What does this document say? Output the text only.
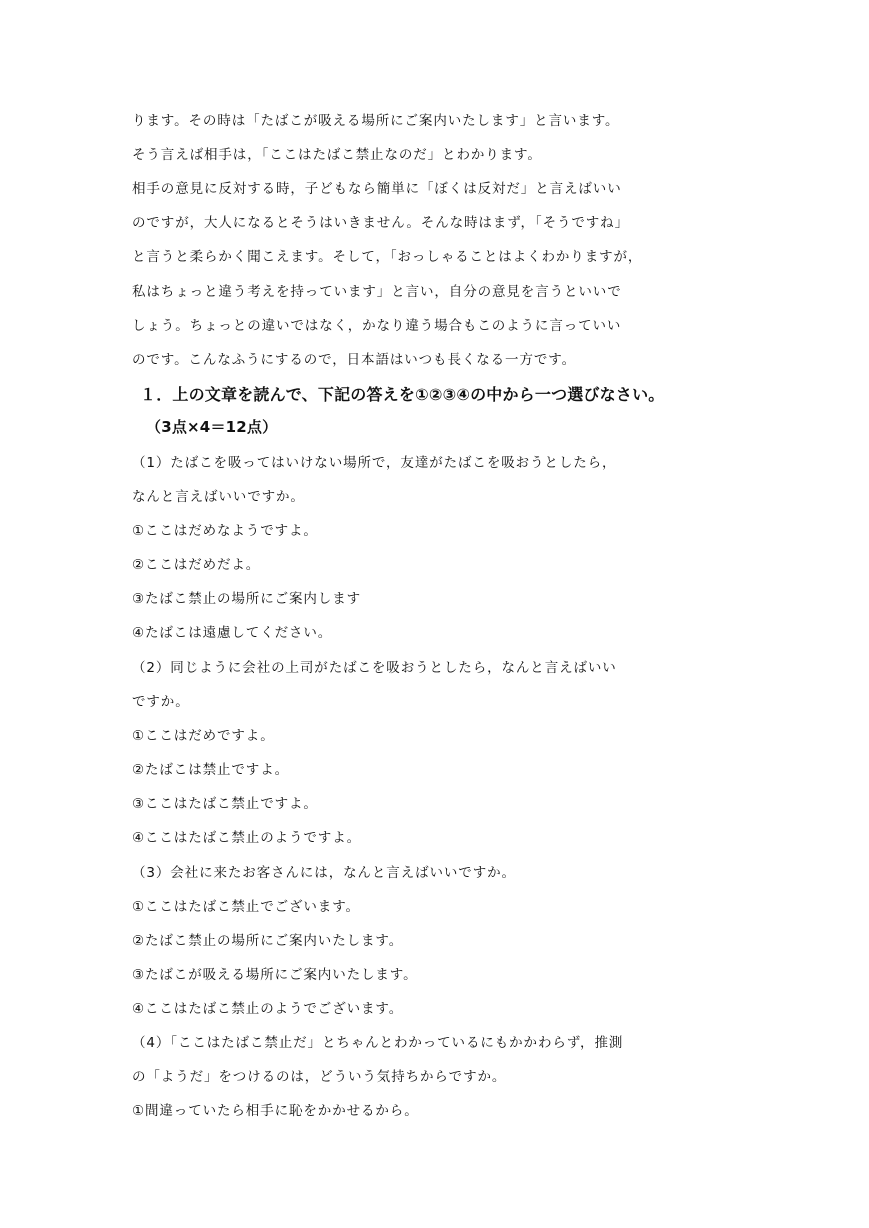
ります。その時は「たばこが吸える場所にご案内いたします」と言います。
そう言えば相手は，「ここはたばこ禁止なのだ」とわかります。
相手の意見に反対する時，子どもなら簡単に「ぼくは反対だ」と言えばいい
のですが，大人になるとそうはいきません。そんな時はまず，「そうですね」
と言うと柔らかく聞こえます。そして，「おっしゃることはよくわかりますが，
私はちょっと違う考えを持っています」と言い，自分の意見を言うといいで
しょう。ちょっとの違いではなく，かなり違う場合もこのように言っていい
のです。こんなふうにするので，日本語はいつも長くなる一方です。
１．上の文章を読んで、下記の答えを①②③④の中から一つ選びなさい。
（3点×4＝12点）
（1）たばこを吸ってはいけない場所で，友達がたばこを吸おうとしたら，
なんと言えばいいですか。
①ここはだめなようですよ。
②ここはだめだよ。
③たばこ禁止の場所にご案内します
④たばこは遠慮してください。
（2）同じように会社の上司がたばこを吸おうとしたら，なんと言えばいい
ですか。
①ここはだめですよ。
②たばこは禁止ですよ。
③ここはたばこ禁止ですよ。
④ここはたばこ禁止のようですよ。
（3）会社に来たお客さんには，なんと言えばいいですか。
①ここはたばこ禁止でございます。
②たばこ禁止の場所にご案内いたします。
③たばこが吸える場所にご案内いたします。
④ここはたばこ禁止のようでございます。
（4）「ここはたばこ禁止だ」とちゃんとわかっているにもかかわらず，推測
の「ようだ」をつけるのは，どういう気持ちからですか。
①間違っていたら相手に恥をかかせるから。
